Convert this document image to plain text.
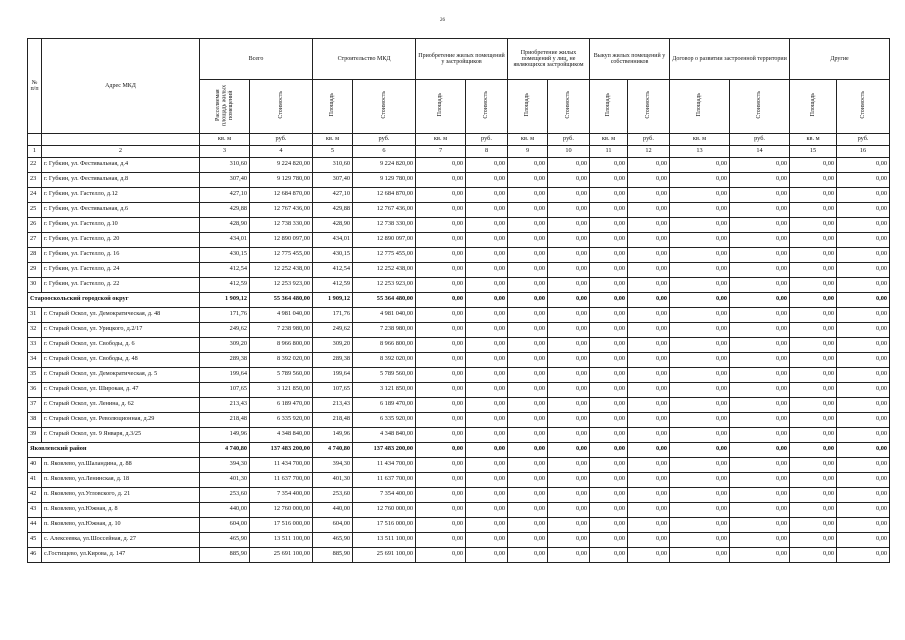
26
№ п/п	Адрес МКД	Всего		Строительство МКД		Приобретение жилых помещений у застройщиков		Приобретение жилых помещений у лиц, не являющихся застройщиком		Выкуп жилых помещений у собственников		Договор о развитии застроенной территории		Другие	
		Расселяемая площадь жилых помещений	Стоимость	Площадь	Стоимость	Площадь	Стоимость	Площадь	Стоимость	Площадь	Стоимость	Площадь	Стоимость	Площадь	Стоимость
		кв. м	руб.	кв. м	руб.	кв. м	руб.	кв. м	руб.	кв. м	руб.	кв. м	руб.	кв. м	руб.
1	2	3	4	5	6	7	8	9	10	11	12	13	14	15	16
22	г. Губкин, ул. Фестивальная, д.4	310,60	9 224 820,00	310,60	9 224 820,00	0,00	0,00	0,00	0,00	0,00	0,00	0,00	0,00	0,00	0,00
23	г. Губкин, ул. Фестивальная, д.8	307,40	9 129 780,00	307,40	9 129 780,00	0,00	0,00	0,00	0,00	0,00	0,00	0,00	0,00	0,00	0,00
24	г. Губкин, ул. Гастелло, д.12	427,10	12 684 870,00	427,10	12 684 870,00	0,00	0,00	0,00	0,00	0,00	0,00	0,00	0,00	0,00	0,00
25	г. Губкин, ул. Фестивальная, д.6	429,88	12 767 436,00	429,88	12 767 436,00	0,00	0,00	0,00	0,00	0,00	0,00	0,00	0,00	0,00	0,00
26	г. Губкин, ул. Гастелло, д.10	428,90	12 738 330,00	428,90	12 738 330,00	0,00	0,00	0,00	0,00	0,00	0,00	0,00	0,00	0,00	0,00
27	г. Губкин, ул. Гастелло, д. 20	434,01	12 890 097,00	434,01	12 890 097,00	0,00	0,00	0,00	0,00	0,00	0,00	0,00	0,00	0,00	0,00
28	г. Губкин, ул. Гастелло, д. 16	430,15	12 775 455,00	430,15	12 775 455,00	0,00	0,00	0,00	0,00	0,00	0,00	0,00	0,00	0,00	0,00
29	г. Губкин, ул. Гастелло, д. 24	412,54	12 252 438,00	412,54	12 252 438,00	0,00	0,00	0,00	0,00	0,00	0,00	0,00	0,00	0,00	0,00
30	г. Губкин, ул. Гастелло, д. 22	412,59	12 253 923,00	412,59	12 253 923,00	0,00	0,00	0,00	0,00	0,00	0,00	0,00	0,00	0,00	0,00
Старооскольский городской округ		1 909,12	55 364 480,00	1 909,12	55 364 480,00	0,00	0,00	0,00	0,00	0,00	0,00	0,00	0,00	0,00	0,00
31	г. Старый Оскол, ул. Демократическая, д. 48	171,76	4 981 040,00	171,76	4 981 040,00	0,00	0,00	0,00	0,00	0,00	0,00	0,00	0,00	0,00	0,00
32	г. Старый Оскол, ул. Урицкого, д.2/17	249,62	7 238 980,00	249,62	7 238 980,00	0,00	0,00	0,00	0,00	0,00	0,00	0,00	0,00	0,00	0,00
33	г. Старый Оскол, ул. Свободы, д. 6	309,20	8 966 800,00	309,20	8 966 800,00	0,00	0,00	0,00	0,00	0,00	0,00	0,00	0,00	0,00	0,00
34	г. Старый Оскол, ул. Свободы, д. 48	289,38	8 392 020,00	289,38	8 392 020,00	0,00	0,00	0,00	0,00	0,00	0,00	0,00	0,00	0,00	0,00
35	г. Старый Оскол, ул. Демократическая, д. 5	199,64	5 789 560,00	199,64	5 789 560,00	0,00	0,00	0,00	0,00	0,00	0,00	0,00	0,00	0,00	0,00
36	г. Старый Оскол, ул. Широкая, д. 47	107,65	3 121 850,00	107,65	3 121 850,00	0,00	0,00	0,00	0,00	0,00	0,00	0,00	0,00	0,00	0,00
37	г. Старый Оскол, ул. Ленина, д. 62	213,43	6 189 470,00	213,43	6 189 470,00	0,00	0,00	0,00	0,00	0,00	0,00	0,00	0,00	0,00	0,00
38	г. Старый Оскол, ул. Революционная, д.29	218,48	6 335 920,00	218,48	6 335 920,00	0,00	0,00	0,00	0,00	0,00	0,00	0,00	0,00	0,00	0,00
39	г. Старый Оскол, ул. 9 Января, д.3/25	149,96	4 348 840,00	149,96	4 348 840,00	0,00	0,00	0,00	0,00	0,00	0,00	0,00	0,00	0,00	0,00
Яковлевский район		4 740,80	137 483 200,00	4 740,80	137 483 200,00	0,00	0,00	0,00	0,00	0,00	0,00	0,00	0,00	0,00	0,00
40	п. Яковлево, ул.Шаландина, д. 88	394,30	11 434 700,00	394,30	11 434 700,00	0,00	0,00	0,00	0,00	0,00	0,00	0,00	0,00	0,00	0,00
41	п. Яковлево, ул.Ленинская, д. 18	401,30	11 637 700,00	401,30	11 637 700,00	0,00	0,00	0,00	0,00	0,00	0,00	0,00	0,00	0,00	0,00
42	п. Яковлево, ул.Угловского, д. 21	253,60	7 354 400,00	253,60	7 354 400,00	0,00	0,00	0,00	0,00	0,00	0,00	0,00	0,00	0,00	0,00
43	п. Яковлево, ул.Южная, д. 8	440,00	12 760 000,00	440,00	12 760 000,00	0,00	0,00	0,00	0,00	0,00	0,00	0,00	0,00	0,00	0,00
44	п. Яковлево, ул.Южная, д. 10	604,00	17 516 000,00	604,00	17 516 000,00	0,00	0,00	0,00	0,00	0,00	0,00	0,00	0,00	0,00	0,00
45	с. Алексеевка, ул.Шоссейная, д. 27	465,90	13 511 100,00	465,90	13 511 100,00	0,00	0,00	0,00	0,00	0,00	0,00	0,00	0,00	0,00	0,00
46	с.Гостищево, ул.Кирова, д. 147	885,90	25 691 100,00	885,90	25 691 100,00	0,00	0,00	0,00	0,00	0,00	0,00	0,00	0,00	0,00	0,00
